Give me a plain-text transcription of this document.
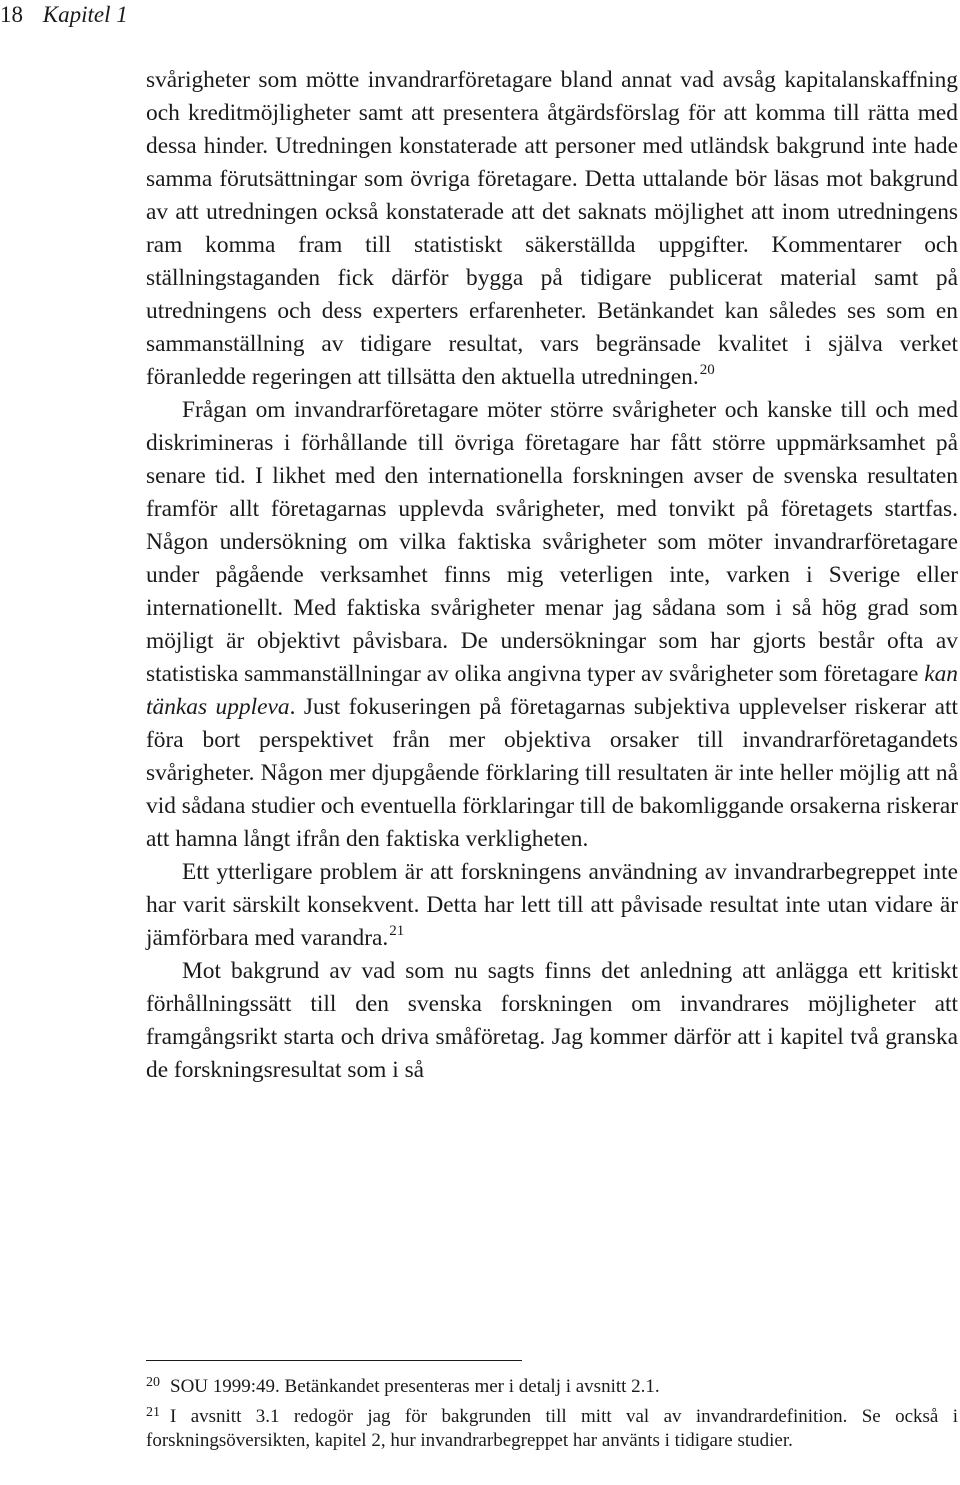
18 Kapitel 1

svårigheter som mötte invandrarföretagare bland annat vad avsåg kapitalanskaffning och kreditmöjligheter samt att presentera åtgärdsförslag för att komma till rätta med dessa hinder. Utredningen konstaterade att personer med utländsk bakgrund inte hade samma förutsättningar som övriga företagare. Detta uttalande bör läsas mot bakgrund av att utredningen också konstaterade att det saknats möjlighet att inom utredningens ram komma fram till statistiskt säkerställda uppgifter. Kommentarer och ställningstaganden fick därför bygga på tidigare publicerat material samt på utredningens och dess experters erfarenheter. Betänkandet kan således ses som en sammanställning av tidigare resultat, vars begränsade kvalitet i själva verket föranledde regeringen att tillsätta den aktuella utredningen.$^{20}$

Frågan om invandrarföretagare möter större svårigheter och kanske till och med diskrimineras i förhållande till övriga företagare har fått större uppmärksamhet på senare tid. I likhet med den internationella forskningen avser de svenska resultaten framför allt företagarnas upplevda svårigheter, med tonvikt på företagets startfas. Någon undersökning om vilka faktiska svårigheter som möter invandrarföretagare under pågående verksamhet finns mig veterligen inte, varken i Sverige eller internationellt. Med faktiska svårigheter menar jag sådana som i så hög grad som möjligt är objektivt påvisbara. De undersökningar som har gjorts består ofta av statistiska sammanställningar av olika angivna typer av svårigheter som företagare kan tänkas uppleva. Just fokuseringen på företagarnas subjektiva upplevelser riskerar att föra bort perspektivet från mer objektiva orsaker till invandrarföretagandets svårigheter. Någon mer djupgående förklaring till resultaten är inte heller möjlig att nå vid sådana studier och eventuella förklaringar till de bakomliggande orsakerna riskerar att hamna långt ifrån den faktiska verkligheten.

Ett ytterligare problem är att forskningens användning av invandrarbegreppet inte har varit särskilt konsekvent. Detta har lett till att påvisade resultat inte utan vidare är jämförbara med varandra.$^{21}$

Mot bakgrund av vad som nu sagts finns det anledning att anlägga ett kritiskt förhållningssätt till den svenska forskningen om invandrares möjligheter att framgångsrikt starta och driva småföretag. Jag kommer därför att i kapitel två granska de forskningsresultat som i så

$^{20}$ SOU 1999:49. Betänkandet presenteras mer i detalj i avsnitt 2.1.

$^{21}$ I avsnitt 3.1 redogör jag för bakgrunden till mitt val av invandrardefinition. Se också i forskningsöversikten, kapitel 2, hur invandrarbegreppet har använts i tidigare studier.
